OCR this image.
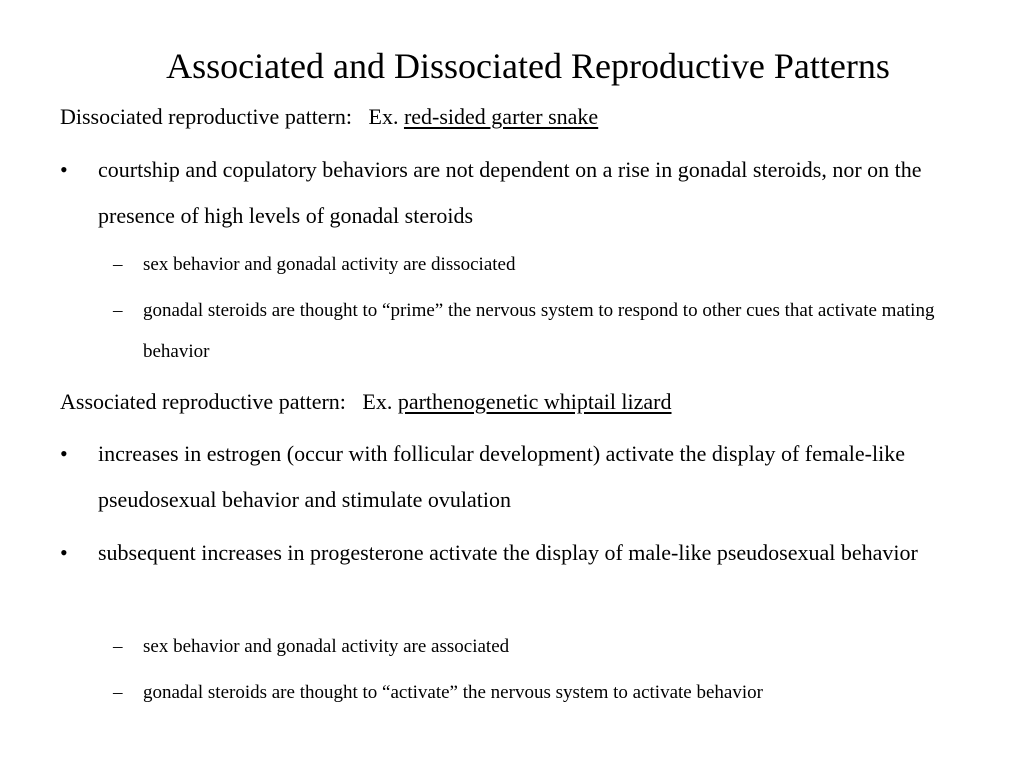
Associated and Dissociated Reproductive Patterns
Dissociated reproductive pattern:   Ex. red-sided garter snake
• courtship and copulatory behaviors are not dependent on a rise in gonadal steroids, nor on the presence of high levels of gonadal steroids
– sex behavior and gonadal activity are dissociated
– gonadal steroids are thought to “prime” the nervous system to respond to other cues that activate mating behavior
Associated reproductive pattern:   Ex. parthenogenetic whiptail lizard
• increases in estrogen (occur with follicular development) activate the display of female-like pseudosexual behavior and stimulate ovulation
• subsequent increases in progesterone activate the display of male-like pseudosexual behavior
– sex behavior and gonadal activity are associated
– gonadal steroids are thought to “activate” the nervous system to activate behavior
